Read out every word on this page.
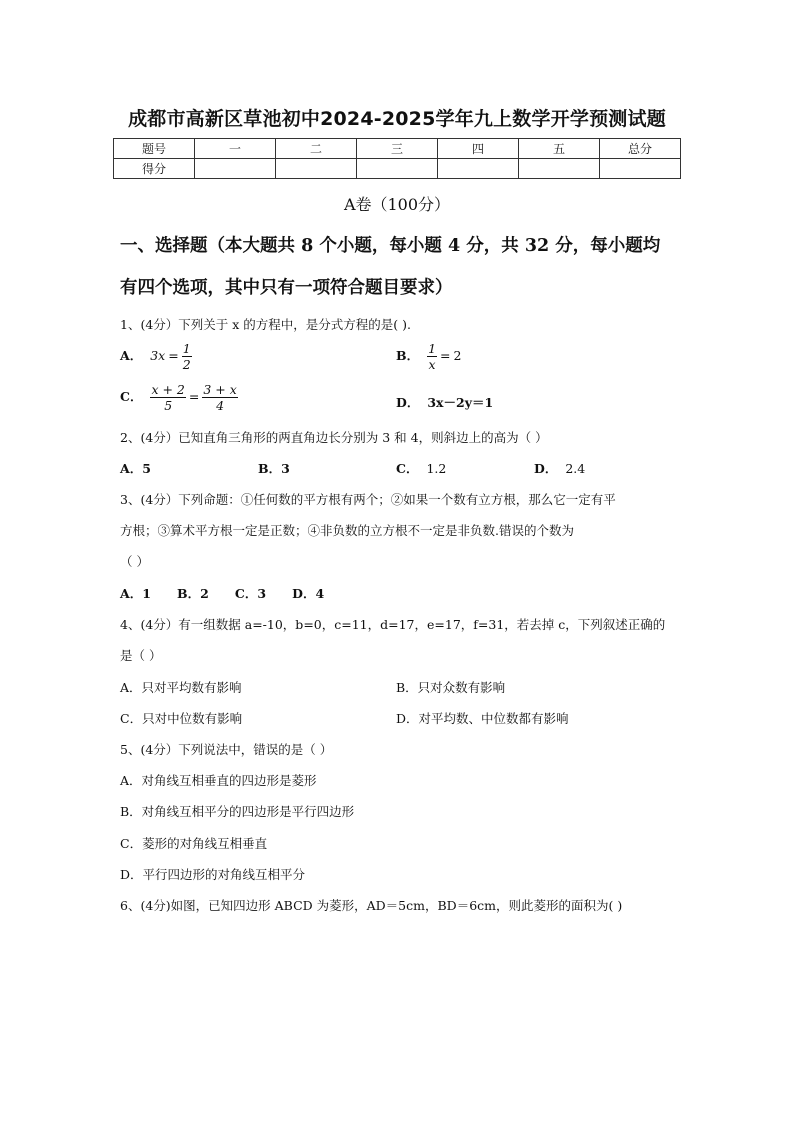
成都市高新区草池初中2024-2025学年九上数学开学预测试题
题号	一	二	三	四	五	总分
得分						
A卷（100分）
一、选择题（本大题共 8 个小题，每小题 4 分，共 32 分，每小题均
有四个选项，其中只有一项符合题目要求）
1、(4分）下列关于 x 的方程中，是分式方程的是( ).
A． $3x = \frac{1}{2}$	B． $\frac{1}{x} = 2$
C． $\frac{x + 2}{5} = \frac{3 + x}{4}$	D． 3x－2y＝1
2、(4分）已知直角三角形的两直角边长分别为 3 和 4，则斜边上的高为（ ）
A．5	B．3	C． 1.2	D． 2.4
3、(4分）下列命题：①任何数的平方根有两个；②如果一个数有立方根，那么它一定有平
方根；③算术平方根一定是正数；④非负数的立方根不一定是非负数.错误的个数为
（ ）
A．1      B．2      C．3      D．4
4、(4分）有一组数据 a=-10，b=0，c=11，d=17，e=17，f=31，若去掉 c，下列叙述正确的
是（ ）
A．只对平均数有影响	B．只对众数有影响
C．只对中位数有影响	D．对平均数、中位数都有影响
5、(4分）下列说法中，错误的是（ ）
A．对角线互相垂直的四边形是菱形
B．对角线互相平分的四边形是平行四边形
C．菱形的对角线互相垂直
D．平行四边形的对角线互相平分
6、(4分)如图，已知四边形 ABCD 为菱形，AD＝5cm，BD＝6cm，则此菱形的面积为( )
